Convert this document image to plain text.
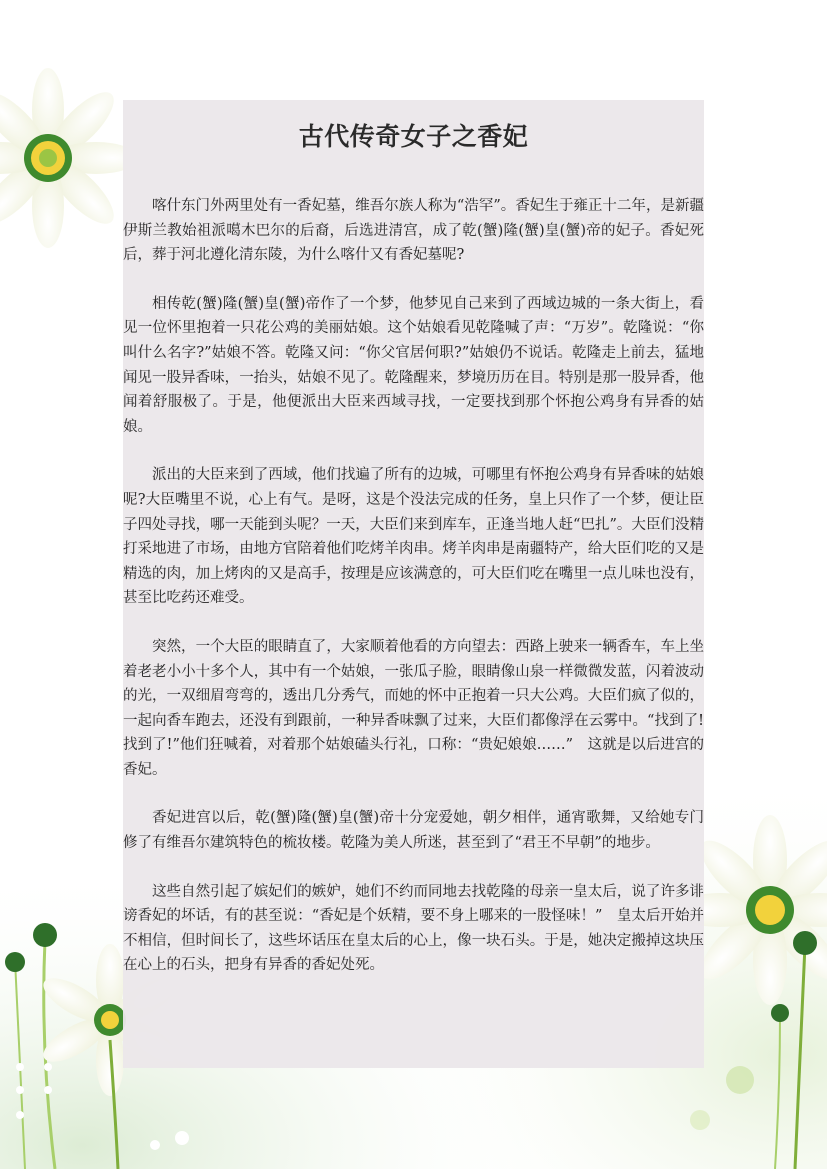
古代传奇女子之香妃

喀什东门外两里处有一香妃墓，维吾尔族人称为“浩罕”。香妃生于雍正十二年，是新疆伊斯兰教始祖派噶木巴尔的后裔，后选进清宫，成了乾(蟹)隆(蟹)皇(蟹)帝的妃子。香妃死后，葬于河北遵化清东陵，为什么喀什又有香妃墓呢?

相传乾(蟹)隆(蟹)皇(蟹)帝作了一个梦，他梦见自己来到了西域边城的一条大街上，看见一位怀里抱着一只花公鸡的美丽姑娘。这个姑娘看见乾隆喊了声：“万岁”。乾隆说：“你叫什么名字?”姑娘不答。乾隆又问：“你父官居何职?”姑娘仍不说话。乾隆走上前去，猛地闻见一股异香味，一抬头，姑娘不见了。乾隆醒来，梦境历历在目。特别是那一股异香，他闻着舒服极了。于是，他便派出大臣来西域寻找，一定要找到那个怀抱公鸡身有异香的姑娘。

派出的大臣来到了西域，他们找遍了所有的边城，可哪里有怀抱公鸡身有异香味的姑娘呢?大臣嘴里不说，心上有气。是呀，这是个没法完成的任务，皇上只作了一个梦，便让臣子四处寻找，哪一天能到头呢？一天，大臣们来到库车，正逢当地人赶“巴扎”。大臣们没精打采地进了市场，由地方官陪着他们吃烤羊肉串。烤羊肉串是南疆特产，给大臣们吃的又是精选的肉，加上烤肉的又是高手，按理是应该满意的，可大臣们吃在嘴里一点儿味也没有，甚至比吃药还难受。

突然，一个大臣的眼睛直了，大家顺着他看的方向望去：西路上驶来一辆香车，车上坐着老老小小十多个人，其中有一个姑娘，一张瓜子脸，眼睛像山泉一样微微发蓝，闪着波动的光，一双细眉弯弯的，透出几分秀气，而她的怀中正抱着一只大公鸡。大臣们疯了似的，一起向香车跑去，还没有到跟前，一种异香味飘了过来，大臣们都像浮在云雾中。“找到了!找到了!”他们狂喊着，对着那个姑娘磕头行礼，口称：“贵妃娘娘……”　这就是以后进宫的香妃。

香妃进宫以后，乾(蟹)隆(蟹)皇(蟹)帝十分宠爱她，朝夕相伴，通宵歌舞，又给她专门修了有维吾尔建筑特色的梳妆楼。乾隆为美人所迷，甚至到了“君王不早朝”的地步。

这些自然引起了嫔妃们的嫉妒，她们不约而同地去找乾隆的母亲一皇太后，说了许多诽谤香妃的坏话，有的甚至说：“香妃是个妖精，要不身上哪来的一股怪味！”　皇太后开始并不相信，但时间长了，这些坏话压在皇太后的心上，像一块石头。于是，她决定搬掉这块压在心上的石头，把身有异香的香妃处死。
